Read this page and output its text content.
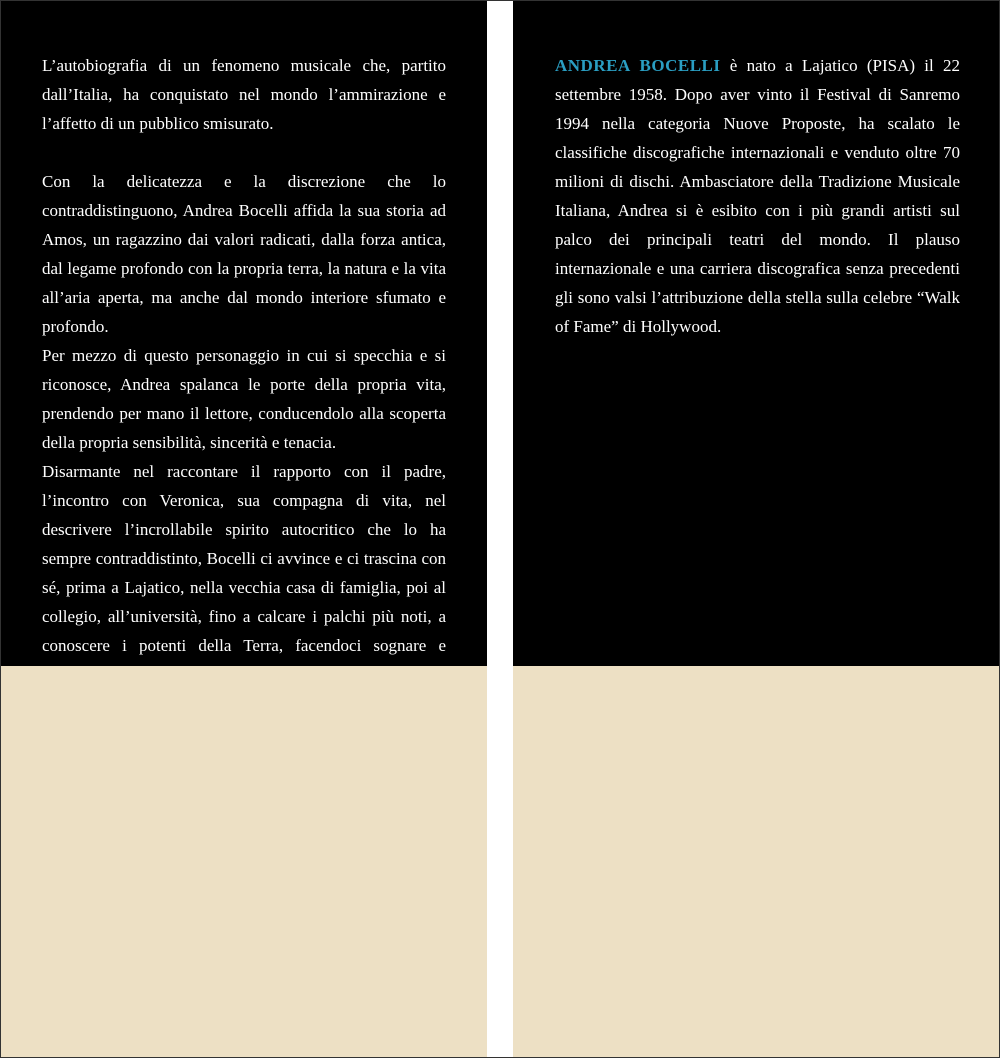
L’autobiografia di un fenomeno musicale che, partito dall’Italia, ha conquistato nel mondo l’ammirazione e l’affetto di un pubblico smisurato.

Con la delicatezza e la discrezione che lo contraddistinguono, Andrea Bocelli affida la sua storia ad Amos, un ragazzino dai valori radicati, dalla forza antica, dal legame profondo con la propria terra, la natura e la vita all’aria aperta, ma anche dal mondo interiore sfumato e profondo.

Per mezzo di questo personaggio in cui si specchia e si riconosce, Andrea spalanca le porte della propria vita, prendendo per mano il lettore, conducendolo alla scoperta della propria sensibilità, sincerità e tenacia.

Disarmante nel raccontare il rapporto con il padre, l’incontro con Veronica, sua compagna di vita, nel descrivere l’incrollabile spirito autocritico che lo ha sempre contraddistinto, Bocelli ci avvince e ci trascina con sé, prima a Lajatico, nella vecchia casa di famiglia, poi al collegio, all’università, fino a calcare i palchi più noti, a conoscere i potenti della Terra, facendoci sognare e

ANDREA BOCELLI è nato a Lajatico (PISA) il 22 settembre 1958. Dopo aver vinto il Festival di Sanremo 1994 nella categoria Nuove Proposte, ha scalato le classifiche discografiche internazionali e venduto oltre 70 milioni di dischi. Ambasciatore della Tradizione Musicale Italiana, Andrea si è esibito con i più grandi artisti sul palco dei principali teatri del mondo. Il plauso internazionale e una carriera discografica senza precedenti gli sono valsi l’attribuzione della stella sulla celebre “Walk of Fame” di Hollywood.
